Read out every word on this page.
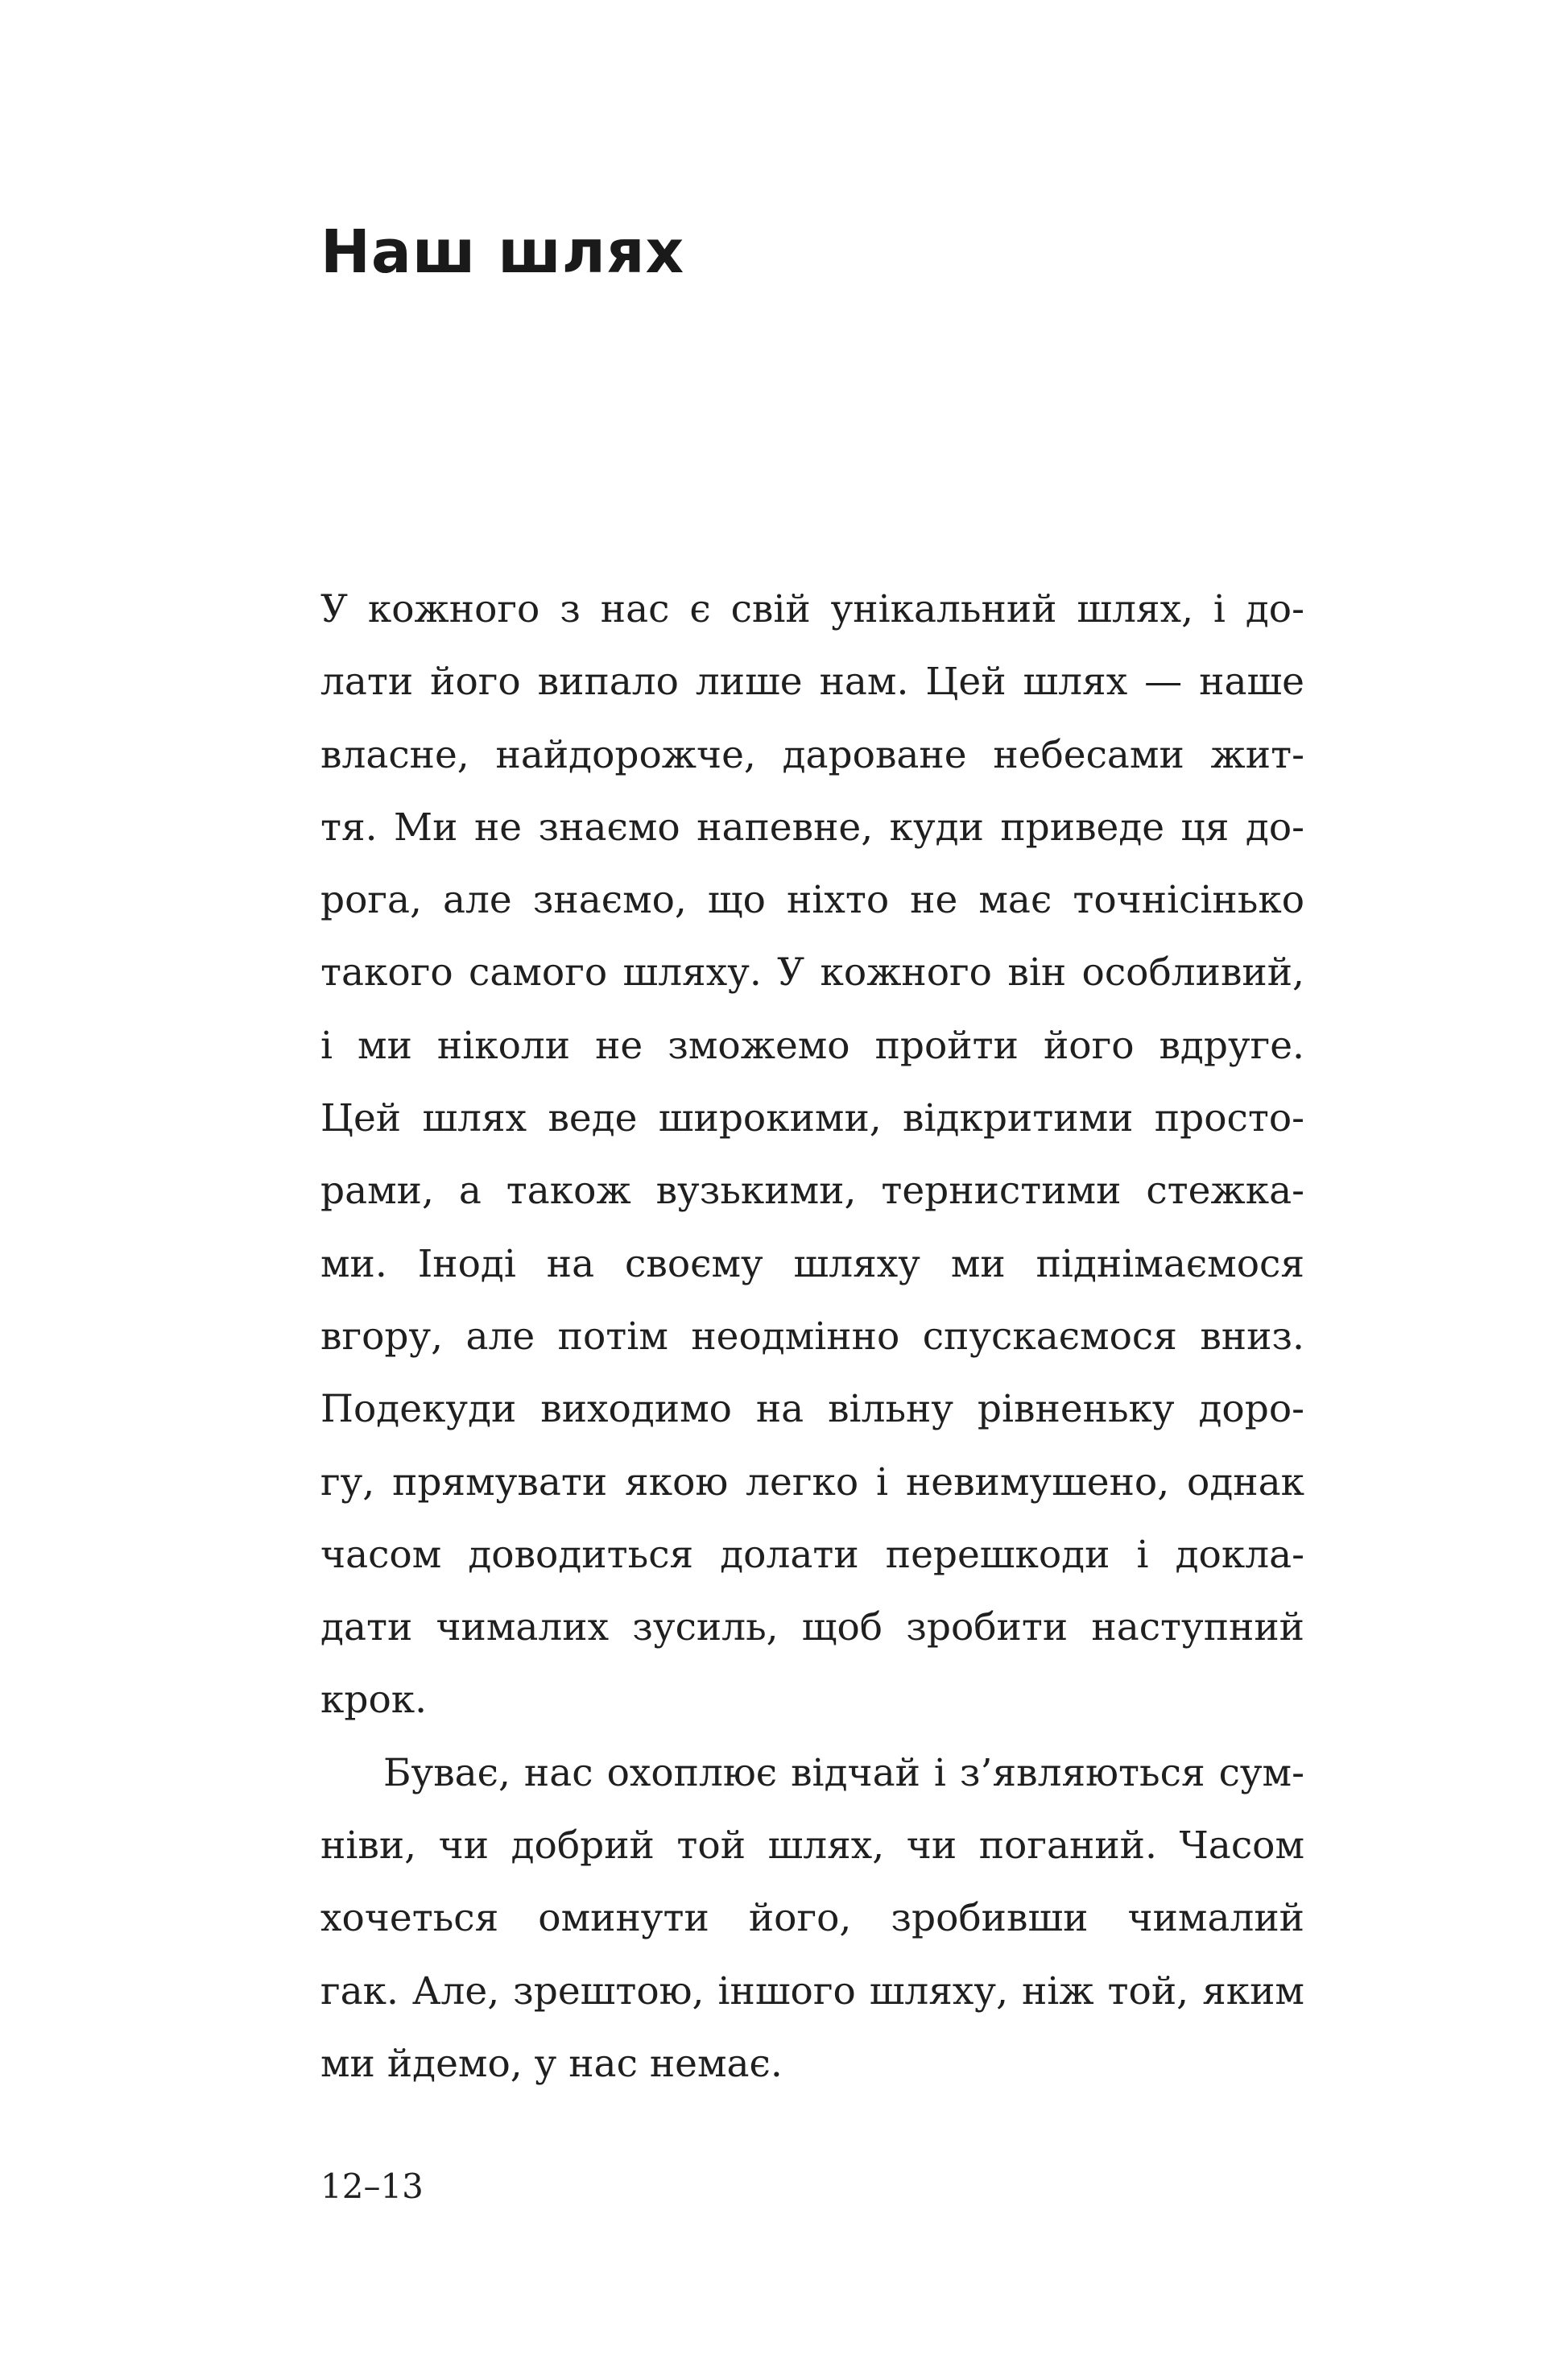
Наш шлях
У кожного з нас є свій унікальний шлях, і до-
лати його випало лише нам. Цей шлях — наше
власне, найдорожче, дароване небесами жит-
тя. Ми не знаємо напевне, куди приведе ця до-
рога, але знаємо, що ніхто не має точнісінько
такого самого шляху. У кожного він особливий,
і ми ніколи не зможемо пройти його вдруге.
Цей шлях веде широкими, відкритими просто-
рами, а також вузькими, тернистими стежка-
ми. Іноді на своєму шляху ми піднімаємося
вгору, але потім неодмінно спускаємося вниз.
Подекуди виходимо на вільну рівненьку доро-
гу, прямувати якою легко і невимушено, однак
часом доводиться долати перешкоди і докла-
дати чималих зусиль, щоб зробити наступний
крок.
Буває, нас охоплює відчай і з’являються сум-
ніви, чи добрий той шлях, чи поганий. Часом
хочеться оминути його, зробивши чималий
гак. Але, зрештою, іншого шляху, ніж той, яким
ми йдемо, у нас немає.
12–13
